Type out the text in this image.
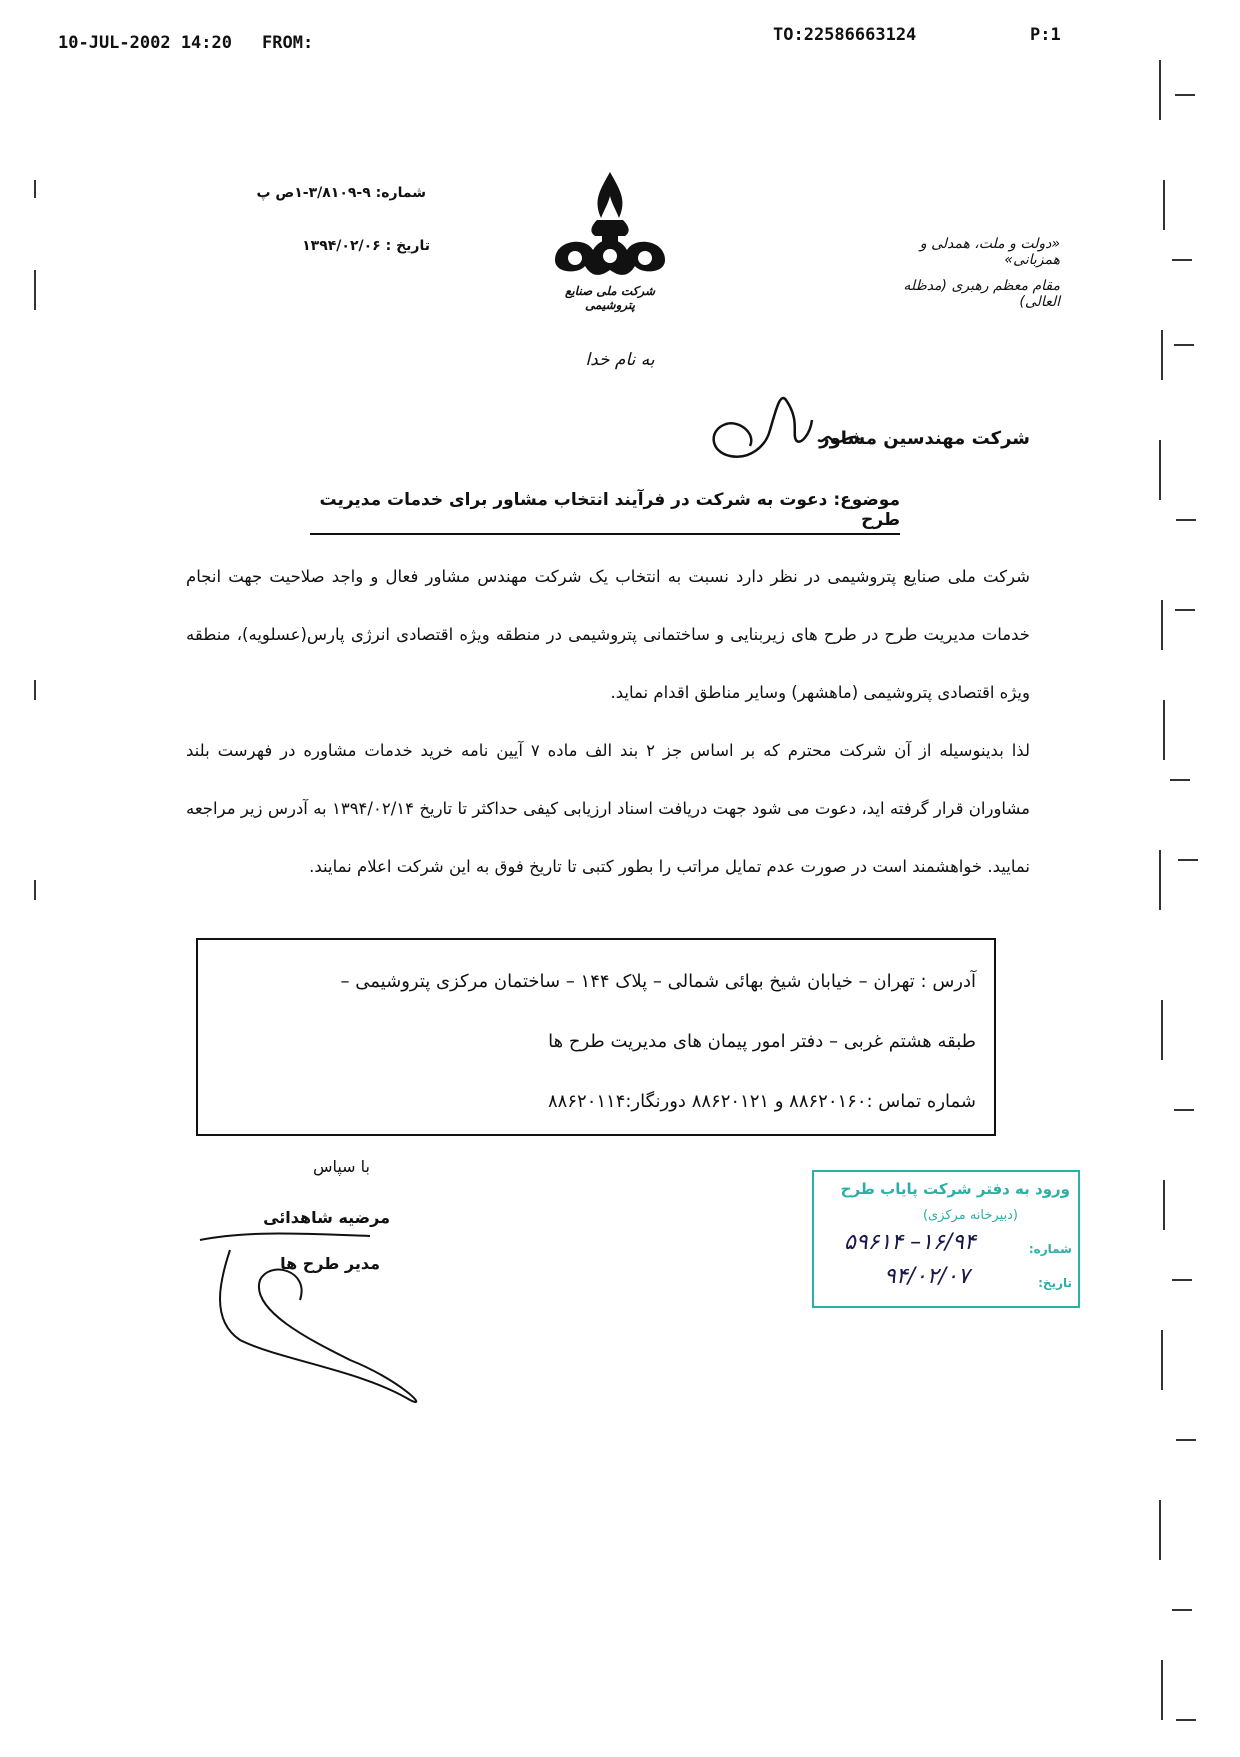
10-JUL-2002 14:20 FROM:	TO:22586663124	P:1
شماره: ۹-۳/۸۱۰۹-۱ص پ
تاریخ : ۱۳۹۴/۰۲/۰۶
شرکت ملی صنایع پتروشیمی
«دولت و ملت، همدلی و همزبانی»
مقام معظم رهبری (مدظله العالی)
به نام خدا
شرکت مهندسین مشاور
موضوع: دعوت به شرکت در فرآیند انتخاب مشاور برای خدمات مدیریت طرح
شرکت ملی صنایع پتروشیمی در نظر دارد نسبت به انتخاب یک شرکت مهندس مشاور فعال و واجد صلاحیت جهت انجام خدمات مدیریت طرح در طرح های زیربنایی و ساختمانی پتروشیمی در منطقه ویژه اقتصادی انرژی پارس(عسلویه)، منطقه ویژه اقتصادی پتروشیمی (ماهشهر) وسایر مناطق اقدام نماید.
لذا بدینوسیله از آن شرکت محترم که بر اساس جز ۲ بند الف ماده ۷ آیین نامه خرید خدمات مشاوره در فهرست بلند مشاوران قرار گرفته اید، دعوت می شود جهت دریافت اسناد ارزیابی کیفی حداکثر تا تاریخ ۱۳۹۴/۰۲/۱۴ به آدرس زیر مراجعه نمایید. خواهشمند است در صورت عدم تمایل مراتب را بطور کتبی تا تاریخ فوق به این شرکت اعلام نمایند.
آدرس : تهران – خیابان شیخ بهائی شمالی – پلاک ۱۴۴ – ساختمان مرکزی پتروشیمی –
طبقه هشتم غربی – دفتر امور پیمان های مدیریت طرح ها
شماره تماس :۸۸۶۲۰۱۶۰ و ۸۸۶۲۰۱۲۱ دورنگار:۸۸۶۲۰۱۱۴
با سپاس
مرضیه شاهدائی
مدیر طرح ها
ورود به دفتر شرکت پایاب طرح
(دبیرخانه مرکزی)
شماره:
تاریخ:
۱۶/۹۴– ۵۹۶۱۴
۹۴/۰۲/۰۷
